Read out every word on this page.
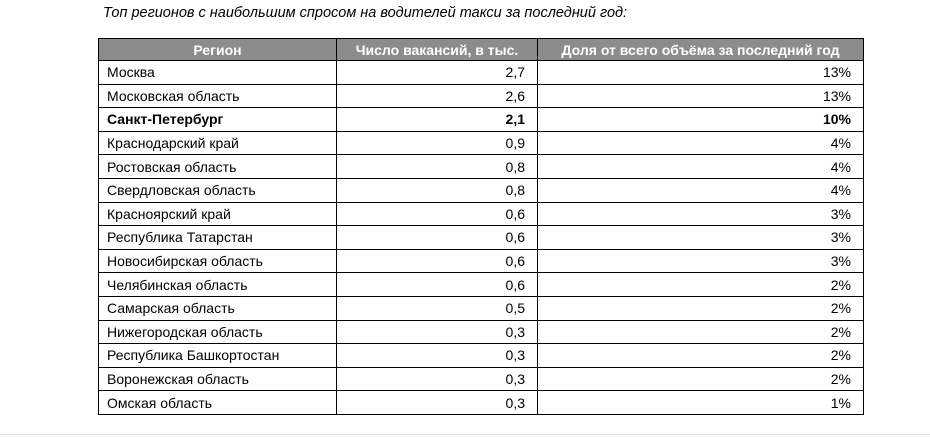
Топ регионов с наибольшим спросом на водителей такси за последний год:
Регион	Число вакансий, в тыс.	Доля от всего объёма за последний год
Москва	2,7	13%
Московская область	2,6	13%
Санкт-Петербург	2,1	10%
Краснодарский край	0,9	4%
Ростовская область	0,8	4%
Свердловская область	0,8	4%
Красноярский край	0,6	3%
Республика Татарстан	0,6	3%
Новосибирская область	0,6	3%
Челябинская область	0,6	2%
Самарская область	0,5	2%
Нижегородская область	0,3	2%
Республика Башкортостан	0,3	2%
Воронежская область	0,3	2%
Омская область	0,3	1%
